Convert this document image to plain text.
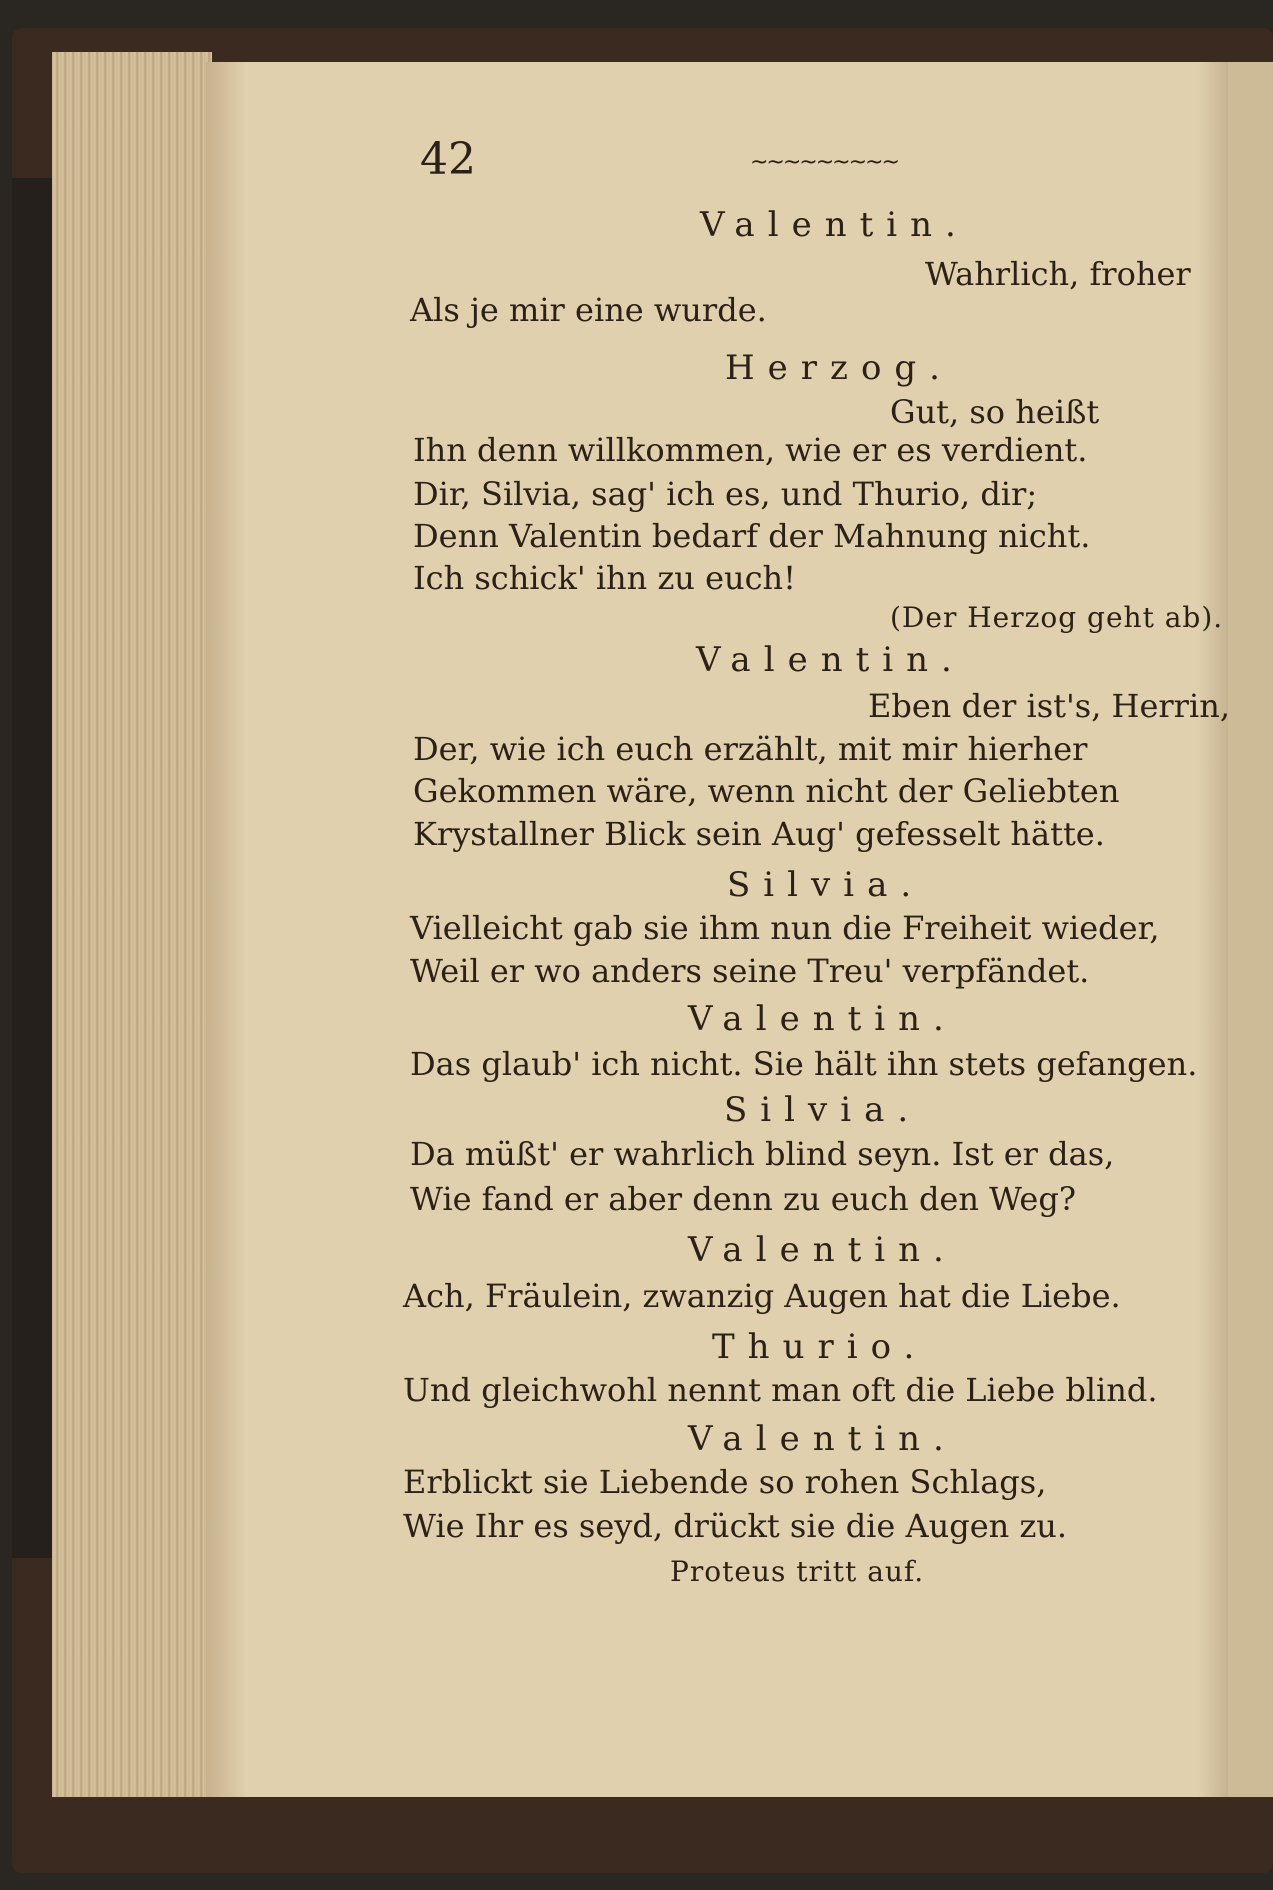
42	~~~~~~~~~
Valentin.
Wahrlich, froher
Als je mir eine wurde.
Herzog.
Gut, so heißt
Ihn denn willkommen, wie er es verdient.
Dir, Silvia, sag' ich es, und Thurio, dir;
Denn Valentin bedarf der Mahnung nicht.
Ich schick' ihn zu euch!
(Der Herzog geht ab).
Valentin.
Eben der ist's, Herrin,
Der, wie ich euch erzählt, mit mir hierher
Gekommen wäre, wenn nicht der Geliebten
Krystallner Blick sein Aug' gefesselt hätte.
Silvia.
Vielleicht gab sie ihm nun die Freiheit wieder,
Weil er wo anders seine Treu' verpfändet.
Valentin.
Das glaub' ich nicht. Sie hält ihn stets gefangen.
Silvia.
Da müßt' er wahrlich blind seyn. Ist er das,
Wie fand er aber denn zu euch den Weg?
Valentin.
Ach, Fräulein, zwanzig Augen hat die Liebe.
Thurio.
Und gleichwohl nennt man oft die Liebe blind.
Valentin.
Erblickt sie Liebende so rohen Schlags,
Wie Ihr es seyd, drückt sie die Augen zu.
Proteus tritt auf.
